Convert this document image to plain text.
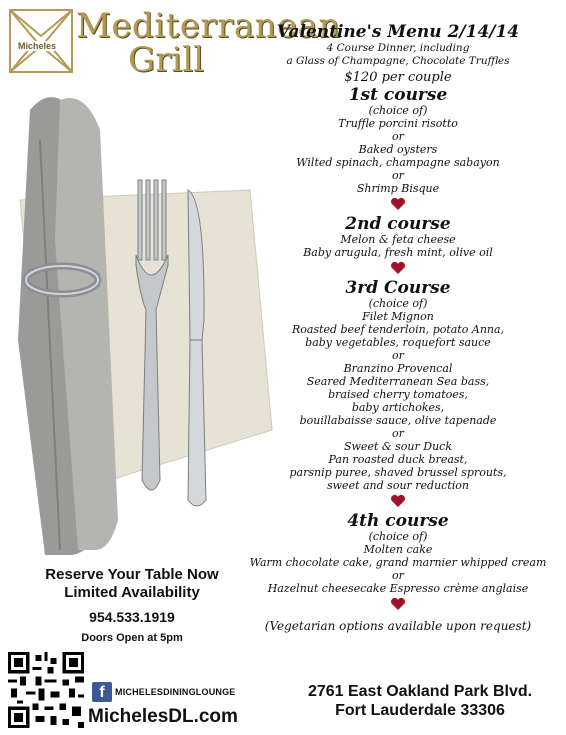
Micheles Mediterranean
Grill
Valentine's Menu 2/14/14
4 Course Dinner, including
a Glass of Champagne, Chocolate Truffles
$120 per couple
1st course
(choice of)
Truffle porcini risotto
or
Baked oysters
Wilted spinach, champagne sabayon
or
Shrimp Bisque
2nd course
Melon & feta cheese
Baby arugula, fresh mint, olive oil
3rd Course
(choice of)
Filet Mignon
Roasted beef tenderloin, potato Anna,
baby vegetables, roquefort sauce
or
Branzino Provencal
Seared Mediterranean Sea bass,
braised cherry tomatoes,
baby artichokes,
bouillabaisse sauce, olive tapenade
or
Sweet & sour Duck
Pan roasted duck breast,
parsnip puree, shaved brussel sprouts,
sweet and sour reduction
4th course
(choice of)
Molten cake
Warm chocolate cake, grand marnier whipped cream
or
Hazelnut cheesecake Espresso crème anglaise
(Vegetarian options available upon request)
Reserve Your Table Now
Limited Availability
954.533.1919
Doors Open at 5pm
f	MICHELESDININGLOUNGE
MichelesDL.com
2761 East Oakland Park Blvd.
Fort Lauderdale 33306
